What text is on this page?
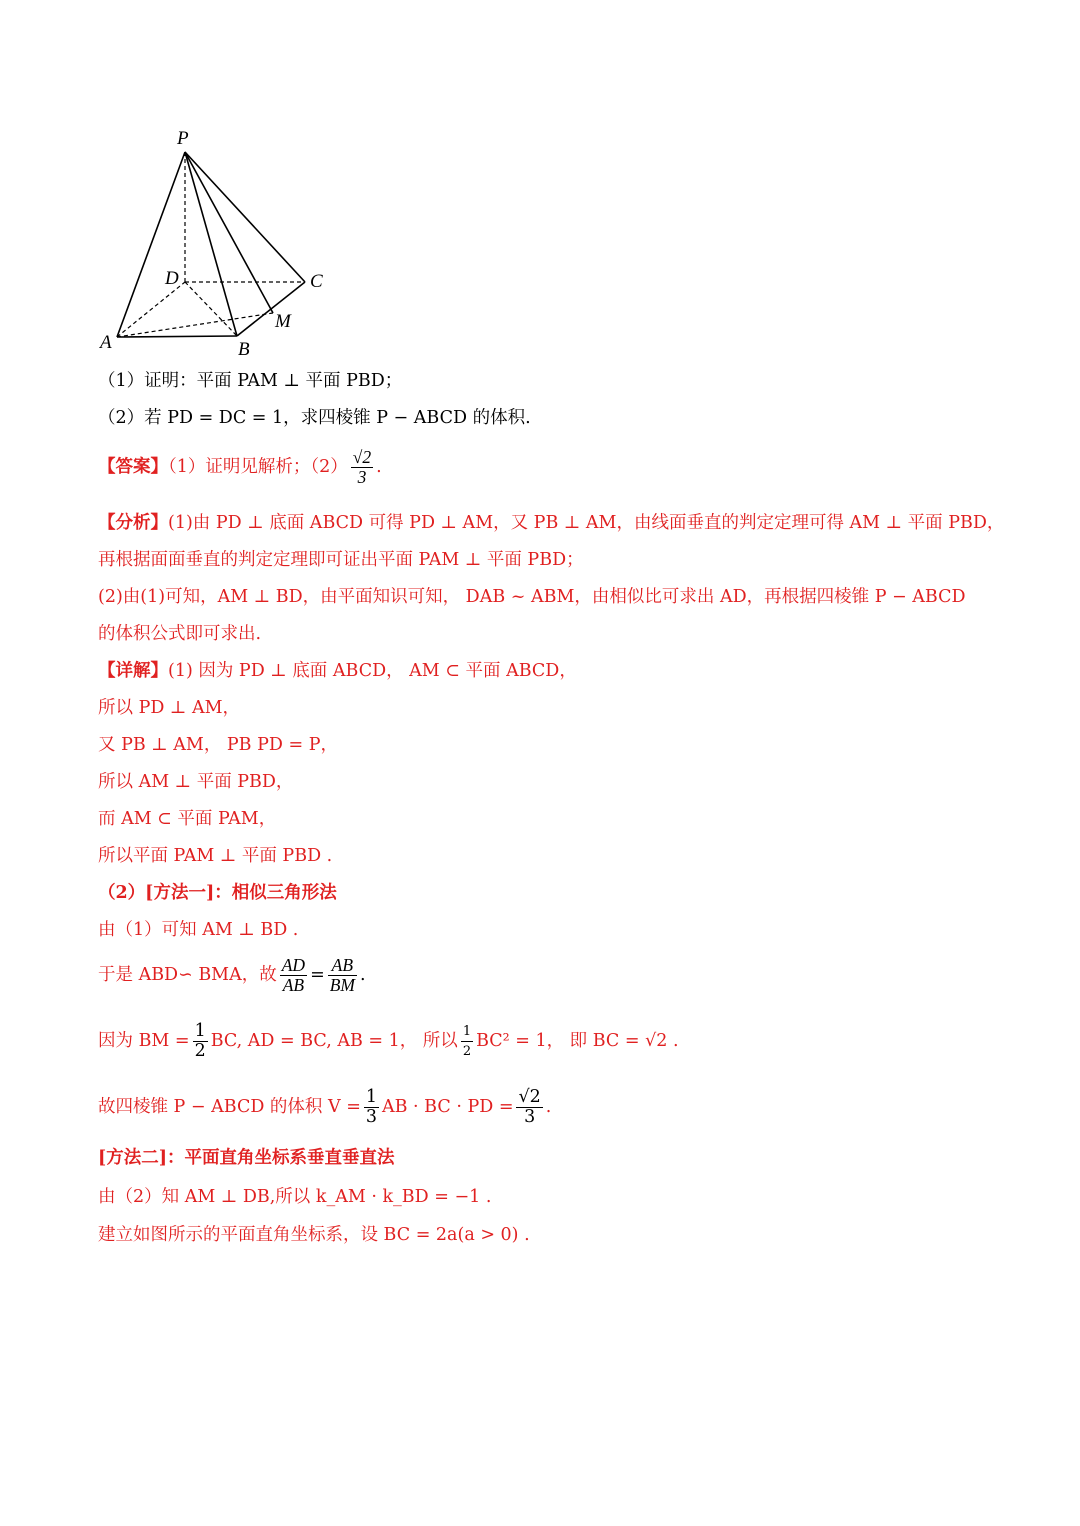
P
D	C
M
A	B
（1）证明：平面 PAM ⊥ 平面 PBD；
（2）若 PD = DC = 1，求四棱锥 P − ABCD 的体积.
【答案】（1）证明见解析；$(2) \frac{√2}{3}$ .
【分析】(1)由 PD ⊥ 底面 ABCD 可得 PD ⊥ AM，又 PB ⊥ AM，由线面垂直的判定定理可得 AM ⊥ 平面 PBD，
再根据面面垂直的判定定理即可证出平面 PAM ⊥ 平面 PBD；
(2)由(1)可知，AM ⊥ BD，由平面知识可知， DAB ~ ABM，由相似比可求出 AD，再根据四棱锥 P − ABCD
的体积公式即可求出.
【详解】(1) 因为 PD ⊥ 底面 ABCD， AM ⊂ 平面 ABCD，
所以 PD ⊥ AM，
又 PB ⊥ AM， PB PD = P，
所以 AM ⊥ 平面 PBD，
而 AM ⊂ 平面 PAM，
所以平面 PAM ⊥ 平面 PBD .
（2）[方法一]：相似三角形法
由（1）可知 AM ⊥ BD .
于是 ABD∽ BMA，故 $\frac{AD}{AB} = \frac{AB}{BM}$ .
因为 BM = $\frac{1}{2}$ BC, AD = BC, AB = 1， 所以 $\frac{1}{2} BC^2 = 1$， 即 BC = √2 .
故四棱锥 P − ABCD 的体积 $V = \frac{1}{3}$ AB · BC · PD = $\frac{√2}{3}$ .
[方法二]：平面直角坐标系垂直垂直法
由（2）知 AM ⊥ DB,所以 k_AM · k_BD = −1 .
建立如图所示的平面直角坐标系，设 BC = 2a(a > 0) .
